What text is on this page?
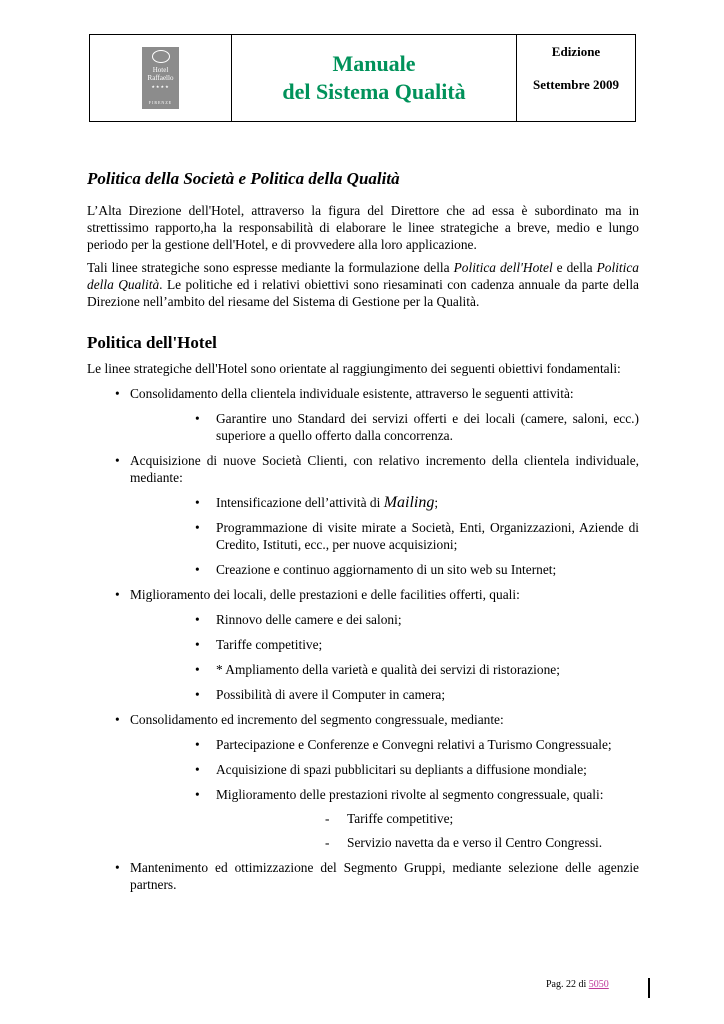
Hotel
Raffaello
★★★★
FIRENZE
Manuale
del Sistema Qualità
Edizione
Settembre 2009
Politica della Società e Politica della Qualità

L’Alta Direzione dell'Hotel, attraverso la figura del Direttore che ad essa è subordinato ma in strettissimo rapporto,ha la responsabilità di elaborare le linee strategiche a breve, medio e lungo periodo per la gestione dell'Hotel, e di provvedere alla loro applicazione.

Tali linee strategiche sono espresse mediante la formulazione della Politica dell'Hotel e della Politica della Qualità. Le politiche ed i relativi obiettivi sono riesaminati con cadenza annuale da parte della Direzione nell’ambito del riesame del Sistema di Gestione per la Qualità.

Politica dell'Hotel

Le linee strategiche dell'Hotel sono orientate al raggiungimento dei seguenti obiettivi fondamentali:

• Consolidamento della clientela individuale esistente, attraverso le seguenti attività:
• Garantire uno Standard dei servizi offerti e dei locali (camere, saloni, ecc.) superiore a quello offerto dalla concorrenza.
• Acquisizione di nuove Società Clienti, con relativo incremento della clientela individuale, mediante:
• Intensificazione dell’attività di Mailing;
• Programmazione di visite mirate a Società, Enti, Organizzazioni, Aziende di Credito, Istituti, ecc., per nuove acquisizioni;
• Creazione e continuo aggiornamento di un sito web su Internet;
• Miglioramento dei locali, delle prestazioni e delle facilities offerti, quali:
• Rinnovo delle camere e dei saloni;
• Tariffe competitive;
• * Ampliamento della varietà e qualità dei servizi di ristorazione;
• Possibilità di avere il Computer in camera;
• Consolidamento ed incremento del segmento congressuale, mediante:
• Partecipazione e Conferenze e Convegni relativi a Turismo Congressuale;
• Acquisizione di spazi pubblicitari su depliants a diffusione mondiale;
• Miglioramento delle prestazioni rivolte al segmento congressuale, quali:
- Tariffe competitive;
- Servizio navetta da e verso il Centro Congressi.
• Mantenimento ed ottimizzazione del Segmento Gruppi, mediante selezione delle agenzie partners.
Pag. 22 di 5050
